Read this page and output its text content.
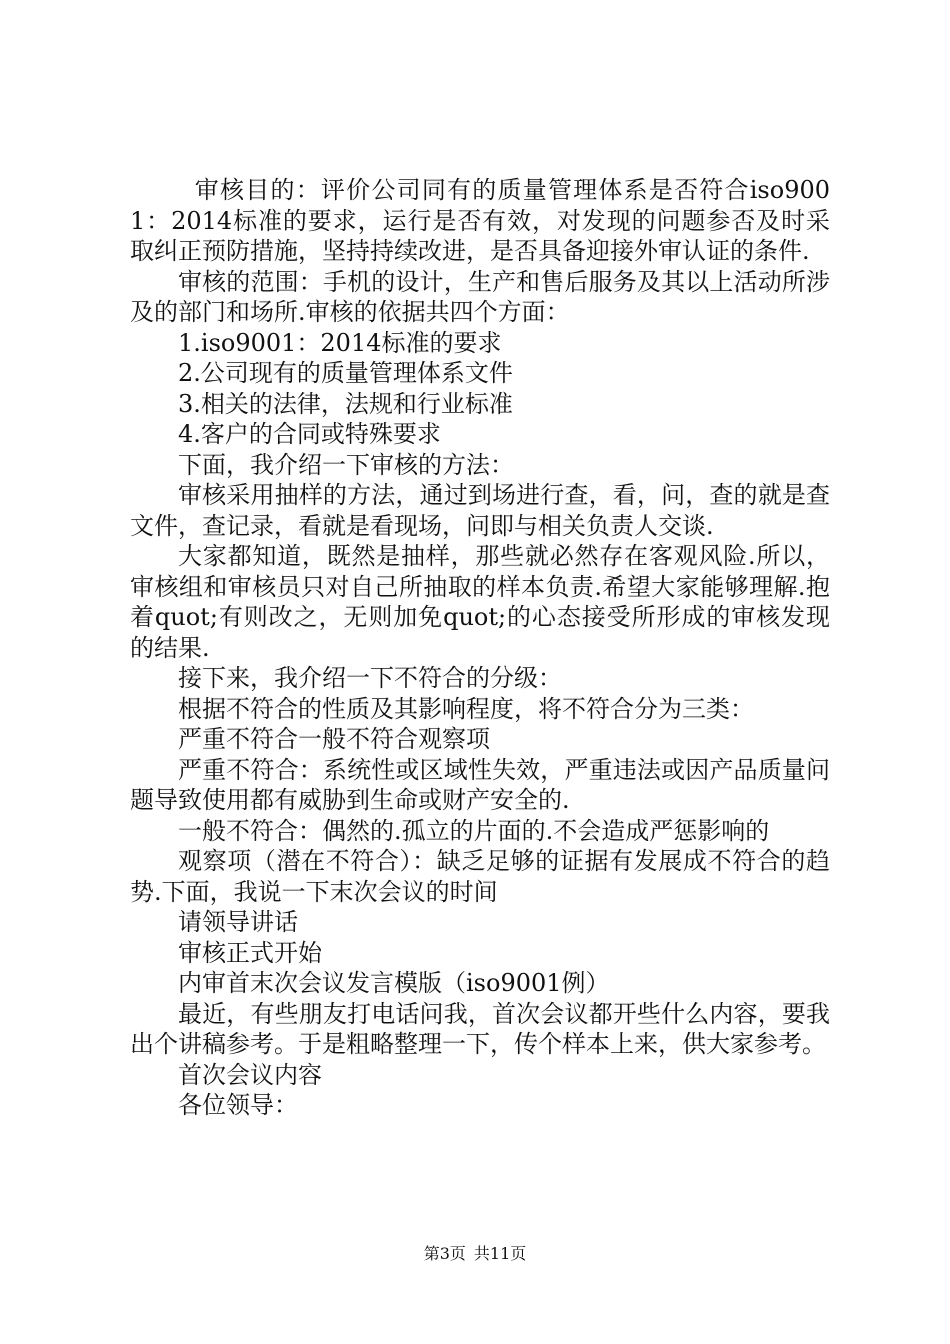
审核目的：评价公司同有的质量管理体系是否符合iso9001：2014标准的要求，运行是否有效，对发现的问题参否及时采取纠正预防措施，坚持持续改进，是否具备迎接外审认证的条件.

审核的范围：手机的设计，生产和售后服务及其以上活动所涉及的部门和场所.审核的依据共四个方面：

1.iso9001：2014标准的要求

2.公司现有的质量管理体系文件

3.相关的法律，法规和行业标准

4.客户的合同或特殊要求

下面，我介绍一下审核的方法：

审核采用抽样的方法，通过到场进行查，看，问，查的就是查文件，查记录，看就是看现场，问即与相关负责人交谈.

大家都知道，既然是抽样，那些就必然存在客观风险.所以，审核组和审核员只对自己所抽取的样本负责.希望大家能够理解.抱着quot;有则改之，无则加免quot;的心态接受所形成的审核发现的结果.

接下来，我介绍一下不符合的分级：

根据不符合的性质及其影响程度，将不符合分为三类：

严重不符合一般不符合观察项

严重不符合：系统性或区域性失效，严重违法或因产品质量问题导致使用都有威胁到生命或财产安全的.

一般不符合：偶然的.孤立的片面的.不会造成严惩影响的

观察项（潜在不符合）：缺乏足够的证据有发展成不符合的趋势.下面，我说一下末次会议的时间

请领导讲话

审核正式开始

内审首末次会议发言模版（iso9001例）

最近，有些朋友打电话问我，首次会议都开些什么内容，要我出个讲稿参考。于是粗略整理一下，传个样本上来，供大家参考。

首次会议内容

各位领导：

第3页 共11页
